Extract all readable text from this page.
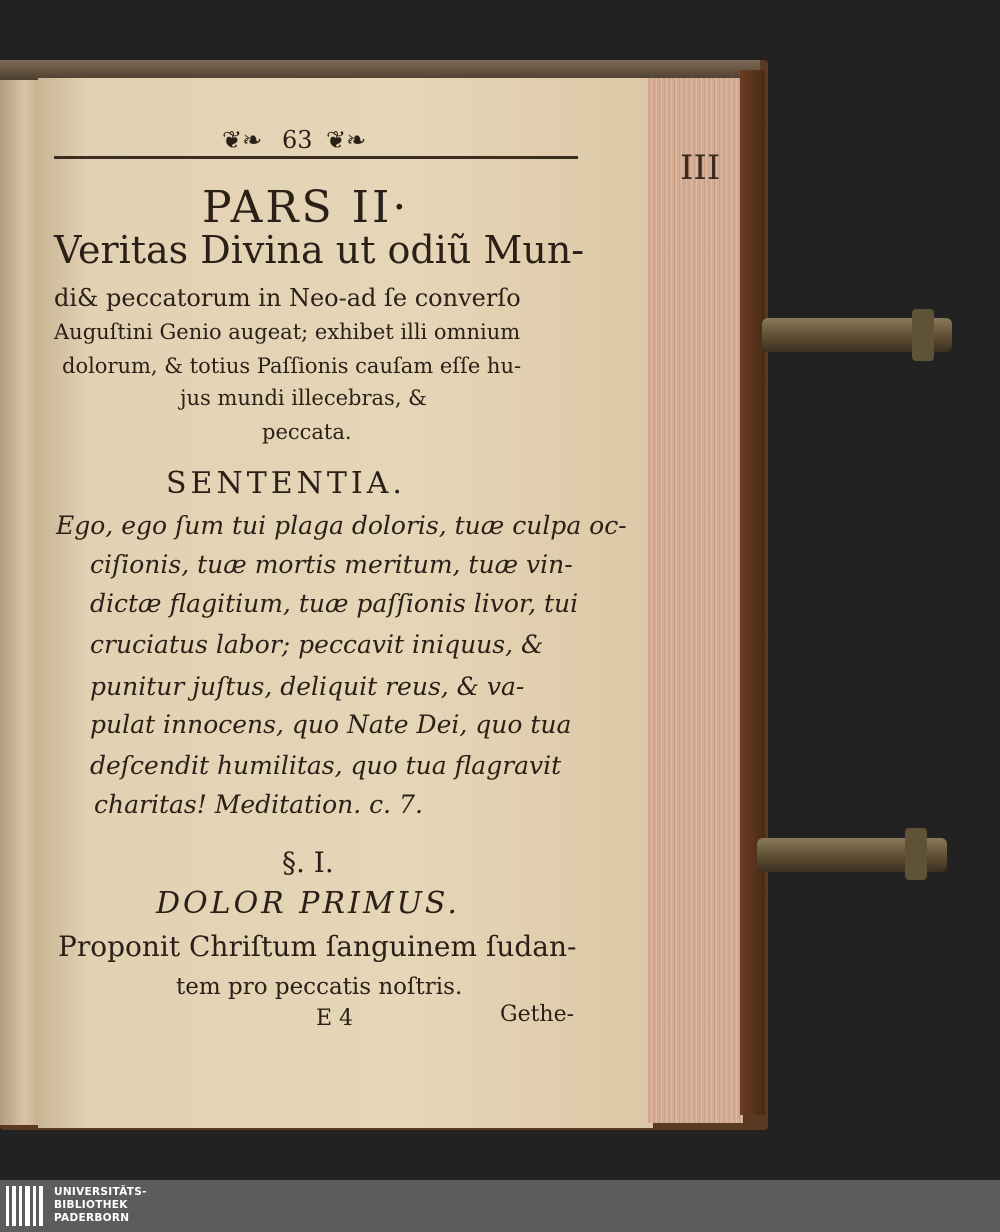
❦❧ 63 ❦❧
III
PARS II·
Veritas Divina ut odiũ Mun-
di& peccatorum in Neo-ad ſe converſo
Auguſtini Genio augeat; exhibet illi omnium
dolorum, & totius Paſſionis cauſam eſſe hu-
jus mundi illecebras, &
peccata.
SENTENTIA.
Ego, ego ſum tui plaga doloris, tuæ culpa oc-
ciſionis, tuæ mortis meritum, tuæ vin-
dictæ flagitium, tuæ paſſionis livor, tui
cruciatus labor; peccavit iniquus, &
punitur juſtus, deliquit reus, & va-
pulat innocens, quo Nate Dei, quo tua
deſcendit humilitas, quo tua flagravit
charitas! Meditation. c. 7.
§. I.
DOLOR PRIMUS.
Proponit Chriſtum ſanguinem ſudan-
tem pro peccatis noſtris.
E 4	Gethe-
UNIVERSITÄTS-
BIBLIOTHEK
PADERBORN
